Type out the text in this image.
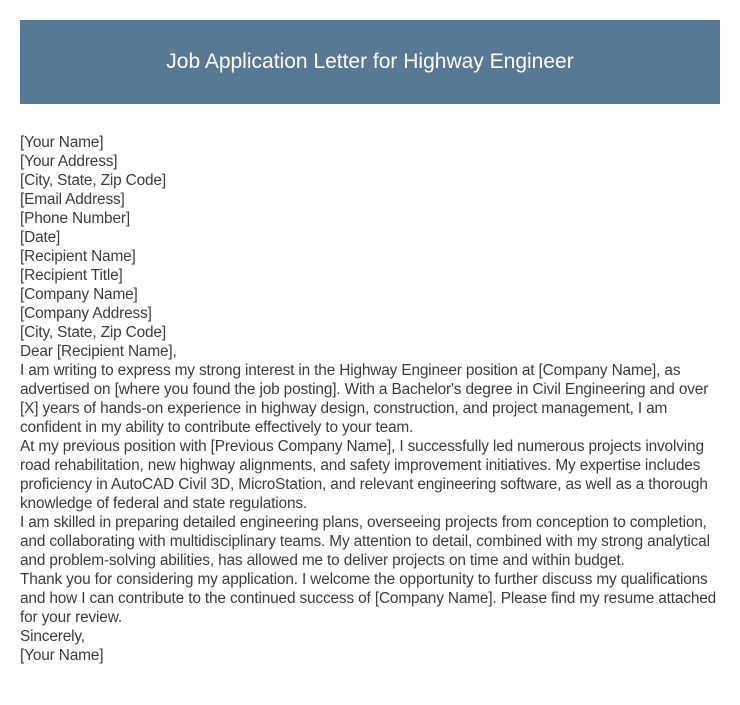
Job Application Letter for Highway Engineer

[Your Name]

[Your Address]

[City, State, Zip Code]

[Email Address]

[Phone Number]

[Date]

[Recipient Name]

[Recipient Title]

[Company Name]

[Company Address]

[City, State, Zip Code]

Dear [Recipient Name],

I am writing to express my strong interest in the Highway Engineer position at [Company Name], as advertised on [where you found the job posting]. With a Bachelor's degree in Civil Engineering and over [X] years of hands-on experience in highway design, construction, and project management, I am confident in my ability to contribute effectively to your team.

At my previous position with [Previous Company Name], I successfully led numerous projects involving road rehabilitation, new highway alignments, and safety improvement initiatives. My expertise includes proficiency in AutoCAD Civil 3D, MicroStation, and relevant engineering software, as well as a thorough knowledge of federal and state regulations.

I am skilled in preparing detailed engineering plans, overseeing projects from conception to completion, and collaborating with multidisciplinary teams. My attention to detail, combined with my strong analytical and problem-solving abilities, has allowed me to deliver projects on time and within budget.

Thank you for considering my application. I welcome the opportunity to further discuss my qualifications and how I can contribute to the continued success of [Company Name]. Please find my resume attached for your review.

Sincerely,

[Your Name]
